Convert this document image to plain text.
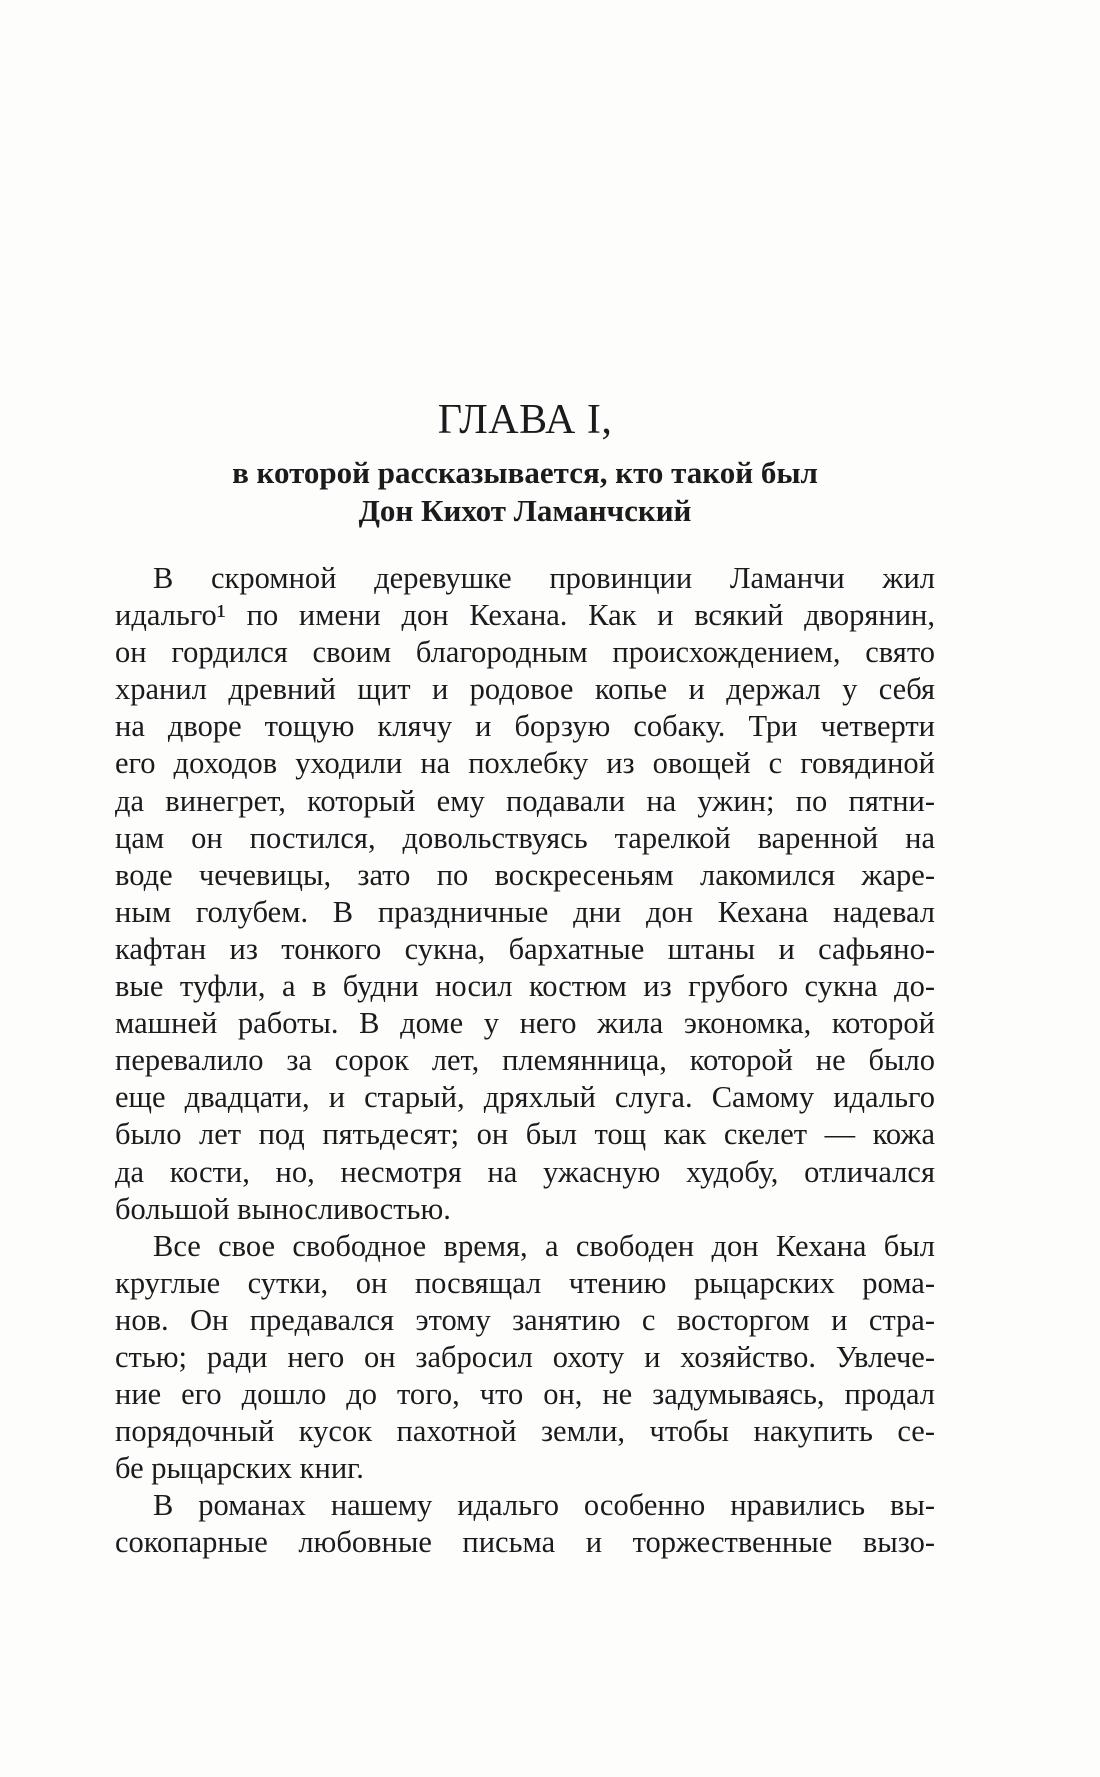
ГЛАВА I,
в которой рассказывается, кто такой был
Дон Кихот Ламанчский
В скромной деревушке провинции Ламанчи жил
идальго¹ по имени дон Кехана. Как и всякий дворянин,
он гордился своим благородным происхождением, свято
хранил древний щит и родовое копье и держал у себя
на дворе тощую клячу и борзую собаку. Три четверти
его доходов уходили на похлебку из овощей с говядиной
да винегрет, который ему подавали на ужин; по пятни-
цам он постился, довольствуясь тарелкой варенной на
воде чечевицы, зато по воскресеньям лакомился жаре-
ным голубем. В праздничные дни дон Кехана надевал
кафтан из тонкого сукна, бархатные штаны и сафьяно-
вые туфли, а в будни носил костюм из грубого сукна до-
машней работы. В доме у него жила экономка, которой
перевалило за сорок лет, племянница, которой не было
еще двадцати, и старый, дряхлый слуга. Самому идальго
было лет под пятьдесят; он был тощ как скелет — кожа
да кости, но, несмотря на ужасную худобу, отличался
большой выносливостью.
Все свое свободное время, а свободен дон Кехана был
круглые сутки, он посвящал чтению рыцарских рома-
нов. Он предавался этому занятию с восторгом и стра-
стью; ради него он забросил охоту и хозяйство. Увлече-
ние его дошло до того, что он, не задумываясь, продал
порядочный кусок пахотной земли, чтобы накупить се-
бе рыцарских книг.
В романах нашему идальго особенно нравились вы-
сокопарные любовные письма и торжественные вызо-
